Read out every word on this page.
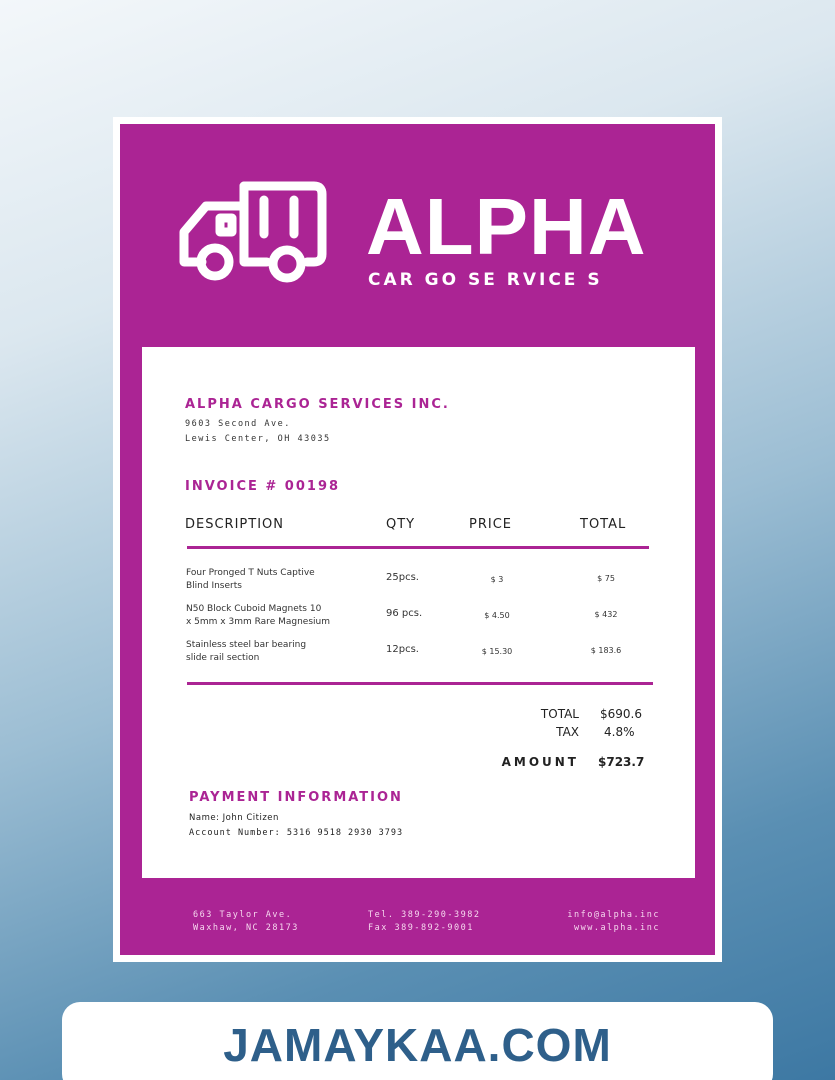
ALPHA
CAR GO SE RVICE S
ALPHA CARGO SERVICES INC.
9603 Second Ave.
Lewis Center, OH 43035
INVOICE # 00198
DESCRIPTION	QTY	PRICE	TOTAL
Four Pronged T Nuts Captive
Blind Inserts
25pcs.	$ 3	$ 75
N50 Block Cuboid Magnets 10
x 5mm x 3mm Rare Magnesium
96 pcs.	$ 4.50	$ 432
Stainless steel bar bearing
slide rail section
12pcs.	$ 15.30	$ 183.6
TOTAL $690.6
TAX 4.8%
AMOUNT $723.7
PAYMENT INFORMATION
Name: John Citizen
Account Number: 5316 9518 2930 3793
663 Taylor Ave.
Waxhaw, NC 28173
Tel. 389-290-3982
Fax 389-892-9001
info@alpha.inc
www.alpha.inc
JAMAYKAA.COM
